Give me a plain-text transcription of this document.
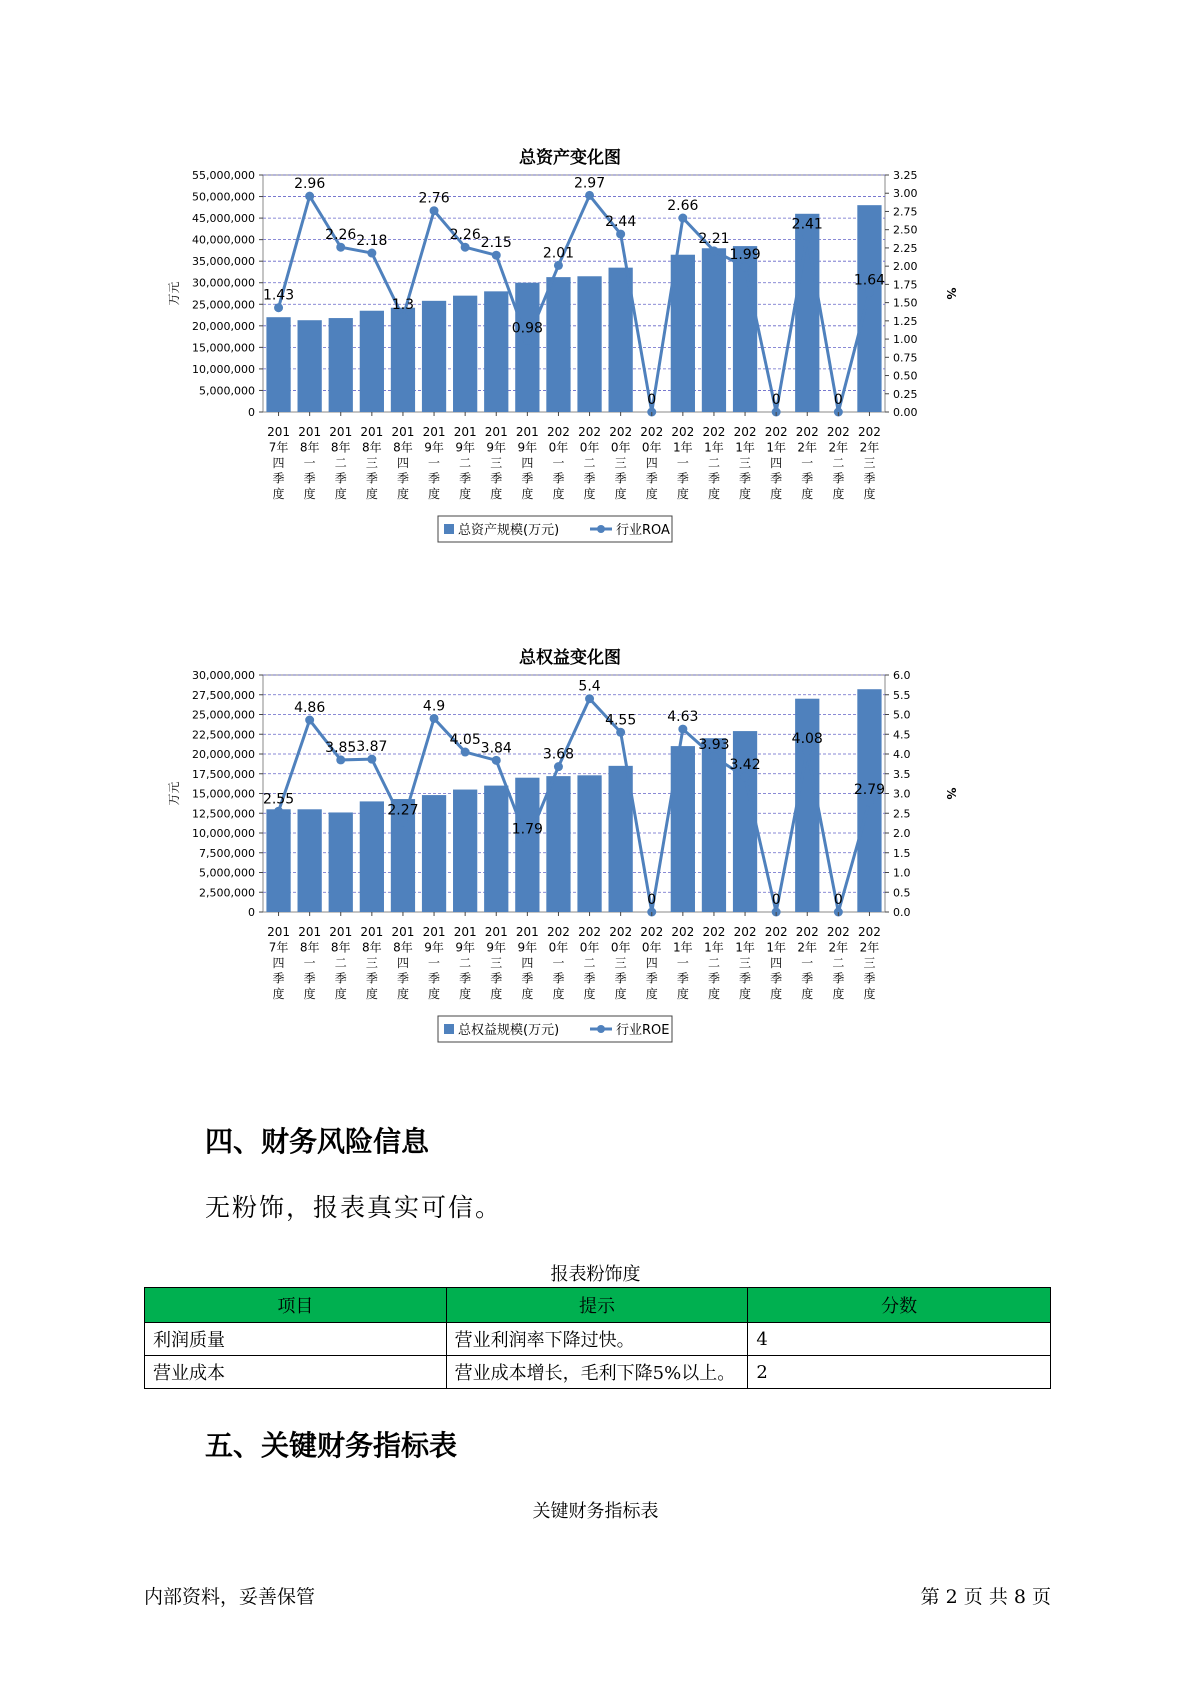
总资产变化图
0
5,000,000
10,000,000
15,000,000
20,000,000
25,000,000
30,000,000
35,000,000
40,000,000
45,000,000
50,000,000
55,000,000
0.00
0.25
0.50
0.75
1.00
1.25
1.50
1.75
2.00
2.25
2.50
2.75
3.00
3.25
万元	%
1.43
2.96
2.26 2.18
1.3
2.76
2.26
2.15
0.98
2.01
2.97
2.44
0
2.66
2.21
1.99
0
2.41
0
1.64
201 7年四季度
201 8年一季度
201 8年二季度
201 8年三季度
201 8年四季度
201 9年一季度
201 9年二季度
201 9年三季度
201 9年四季度
202 0年一季度
202 0年二季度
202 0年三季度
202 0年四季度
202 1年一季度
202 1年二季度
202 1年三季度
202 1年四季度
202 2年一季度
202 2年二季度
202 2年三季度
总资产规模(万元)	行业ROA
总权益变化图
0
2,500,000
5,000,000
7,500,000
10,000,000
12,500,000
15,000,000
17,500,000
20,000,000
22,500,000
25,000,000
27,500,000
30,000,000
0.0
0.5
1.0
1.5
2.0
2.5
3.0
3.5
4.0
4.5
5.0
5.5
6.0
万元	%
2.55
4.86
3.85 3.87
2.27
4.9
4.05
3.84
1.79
3.68
5.4
4.55
0
4.63
3.93
3.42
0
4.08
0
2.79
201 7年四季度
201 8年一季度
201 8年二季度
201 8年三季度
201 8年四季度
201 9年一季度
201 9年二季度
201 9年三季度
201 9年四季度
202 0年一季度
202 0年二季度
202 0年三季度
202 0年四季度
202 1年一季度
202 1年二季度
202 1年三季度
202 1年四季度
202 2年一季度
202 2年二季度
202 2年三季度
总权益规模(万元)	行业ROE
四、财务风险信息
无粉饰，报表真实可信。
报表粉饰度
项目	提示	分数
利润质量	营业利润率下降过快。	4
营业成本	营业成本增长，毛利下降5%以上。	2
五、关键财务指标表
关键财务指标表
内部资料，妥善保管	第 2 页 共 8 页
